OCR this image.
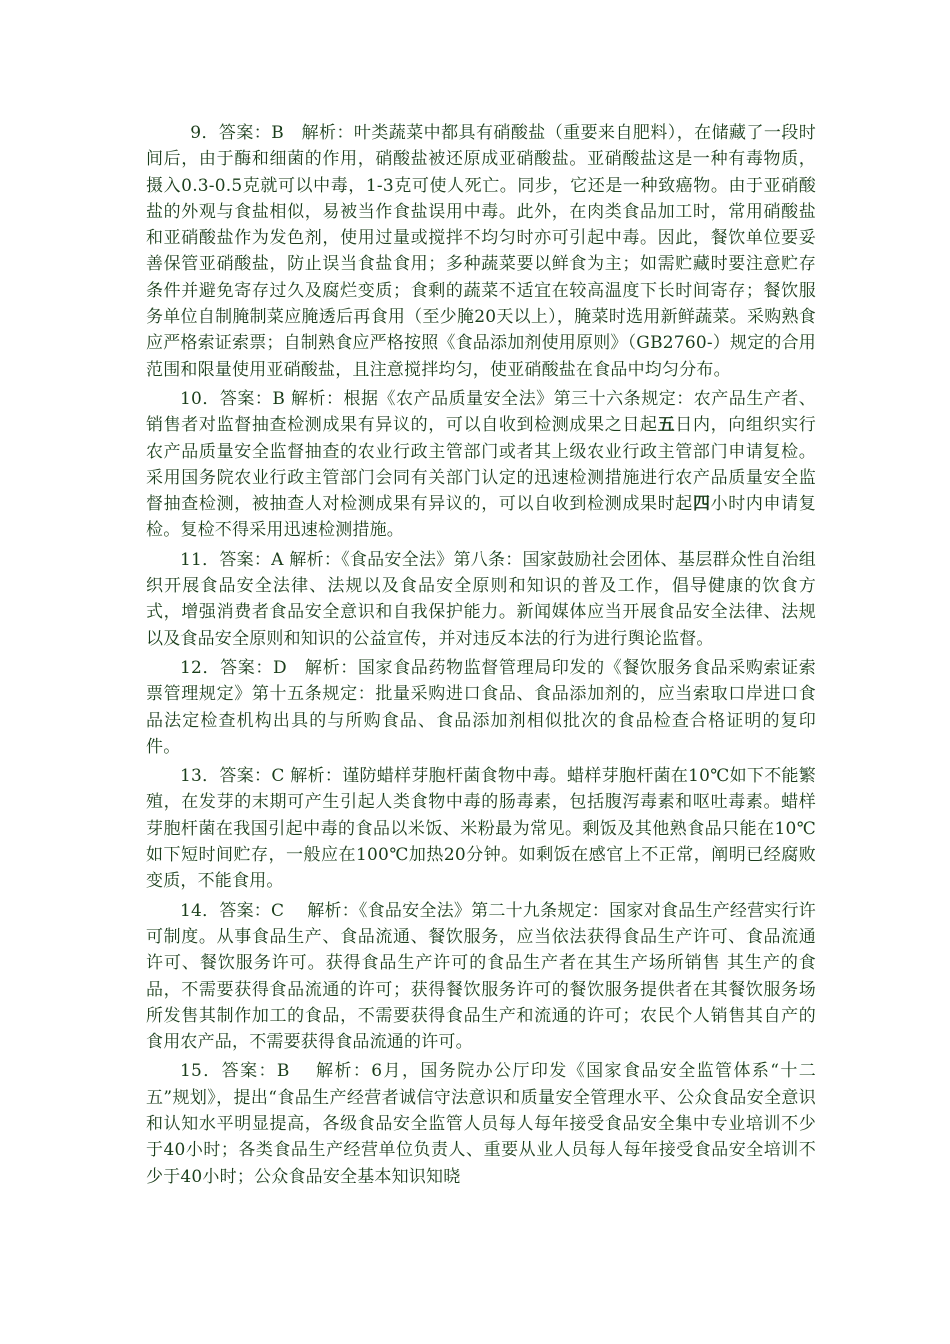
9．答案：B　解析：叶类蔬菜中都具有硝酸盐（重要来自肥料），在储藏了一段时间后，由于酶和细菌的作用，硝酸盐被还原成亚硝酸盐。亚硝酸盐这是一种有毒物质，摄入0.3-0.5克就可以中毒，1-3克可使人死亡。同步，它还是一种致癌物。由于亚硝酸盐的外观与食盐相似，易被当作食盐误用中毒。此外，在肉类食品加工时，常用硝酸盐和亚硝酸盐作为发色剂，使用过量或搅拌不均匀时亦可引起中毒。因此，餐饮单位要妥善保管亚硝酸盐，防止误当食盐食用；多种蔬菜要以鲜食为主；如需贮藏时要注意贮存条件并避免寄存过久及腐烂变质；食剩的蔬菜不适宜在较高温度下长时间寄存；餐饮服务单位自制腌制菜应腌透后再食用（至少腌20天以上），腌菜时选用新鲜蔬菜。采购熟食应严格索证索票；自制熟食应严格按照《食品添加剂使用原则》（GB2760-）规定的合用范围和限量使用亚硝酸盐，且注意搅拌均匀，使亚硝酸盐在食品中均匀分布。

10．答案：B 解析：根据《农产品质量安全法》第三十六条规定：农产品生产者、销售者对监督抽查检测成果有异议的，可以自收到检测成果之日起五日内，向组织实行农产品质量安全监督抽查的农业行政主管部门或者其上级农业行政主管部门申请复检。采用国务院农业行政主管部门会同有关部门认定的迅速检测措施进行农产品质量安全监督抽查检测，被抽查人对检测成果有异议的，可以自收到检测成果时起四小时内申请复检。复检不得采用迅速检测措施。

11．答案：A 解析：《食品安全法》第八条：国家鼓励社会团体、基层群众性自治组织开展食品安全法律、法规以及食品安全原则和知识的普及工作，倡导健康的饮食方式，增强消费者食品安全意识和自我保护能力。新闻媒体应当开展食品安全法律、法规以及食品安全原则和知识的公益宣传，并对违反本法的行为进行舆论监督。

12．答案：D　解析：国家食品药物监督管理局印发的《餐饮服务食品采购索证索票管理规定》第十五条规定：批量采购进口食品、食品添加剂的，应当索取口岸进口食品法定检查机构出具的与所购食品、食品添加剂相似批次的食品检查合格证明的复印件。

13．答案：C 解析：谨防蜡样芽胞杆菌食物中毒。蜡样芽胞杆菌在10℃如下不能繁殖，在发芽的末期可产生引起人类食物中毒的肠毒素，包括腹泻毒素和呕吐毒素。蜡样芽胞杆菌在我国引起中毒的食品以米饭、米粉最为常见。剩饭及其他熟食品只能在10℃如下短时间贮存，一般应在100℃加热20分钟。如剩饭在感官上不正常，阐明已经腐败变质，不能食用。

14．答案：C　 解析：《食品安全法》第二十九条规定：国家对食品生产经营实行许可制度。从事食品生产、食品流通、餐饮服务，应当依法获得食品生产许可、食品流通许可、餐饮服务许可。获得食品生产许可的食品生产者在其生产场所销售 其生产的食品，不需要获得食品流通的许可；获得餐饮服务许可的餐饮服务提供者在其餐饮服务场所发售其制作加工的食品，不需要获得食品生产和流通的许可；农民个人销售其自产的食用农产品，不需要获得食品流通的许可。

15．答案：B　 解析：6月，国务院办公厅印发《国家食品安全监管体系“十二五”规划》，提出“食品生产经营者诚信守法意识和质量安全管理水平、公众食品安全意识和认知水平明显提高，各级食品安全监管人员每人每年接受食品安全集中专业培训不少于40小时；各类食品生产经营单位负责人、重要从业人员每人每年接受食品安全培训不少于40小时；公众食品安全基本知识知晓
